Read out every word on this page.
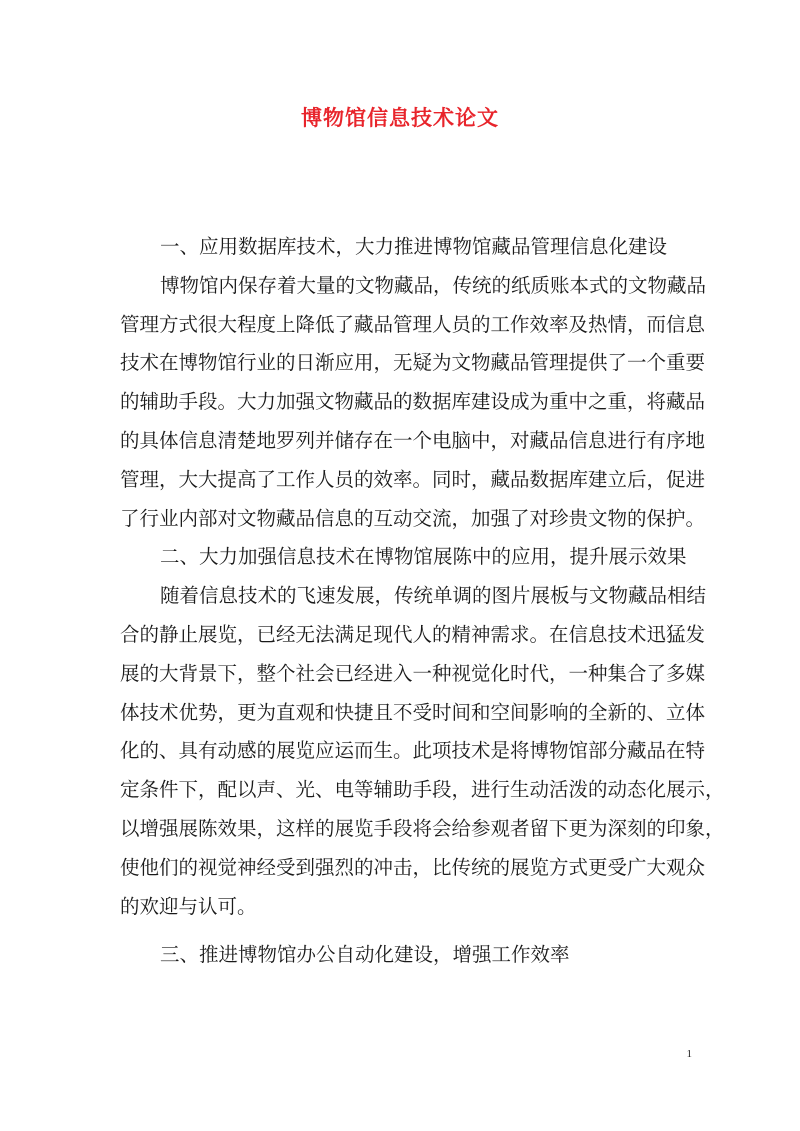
博物馆信息技术论文
一、应用数据库技术，大力推进博物馆藏品管理信息化建设
博物馆内保存着大量的文物藏品，传统的纸质账本式的文物藏品
管理方式很大程度上降低了藏品管理人员的工作效率及热情，而信息
技术在博物馆行业的日渐应用，无疑为文物藏品管理提供了一个重要
的辅助手段。大力加强文物藏品的数据库建设成为重中之重，将藏品
的具体信息清楚地罗列并储存在一个电脑中，对藏品信息进行有序地
管理，大大提高了工作人员的效率。同时，藏品数据库建立后，促进
了行业内部对文物藏品信息的互动交流，加强了对珍贵文物的保护。
二、大力加强信息技术在博物馆展陈中的应用，提升展示效果
随着信息技术的飞速发展，传统单调的图片展板与文物藏品相结
合的静止展览，已经无法满足现代人的精神需求。在信息技术迅猛发
展的大背景下，整个社会已经进入一种视觉化时代，一种集合了多媒
体技术优势，更为直观和快捷且不受时间和空间影响的全新的、立体
化的、具有动感的展览应运而生。此项技术是将博物馆部分藏品在特
定条件下，配以声、光、电等辅助手段，进行生动活泼的动态化展示，
以增强展陈效果，这样的展览手段将会给参观者留下更为深刻的印象，
使他们的视觉神经受到强烈的冲击，比传统的展览方式更受广大观众
的欢迎与认可。
三、推进博物馆办公自动化建设，增强工作效率
1
